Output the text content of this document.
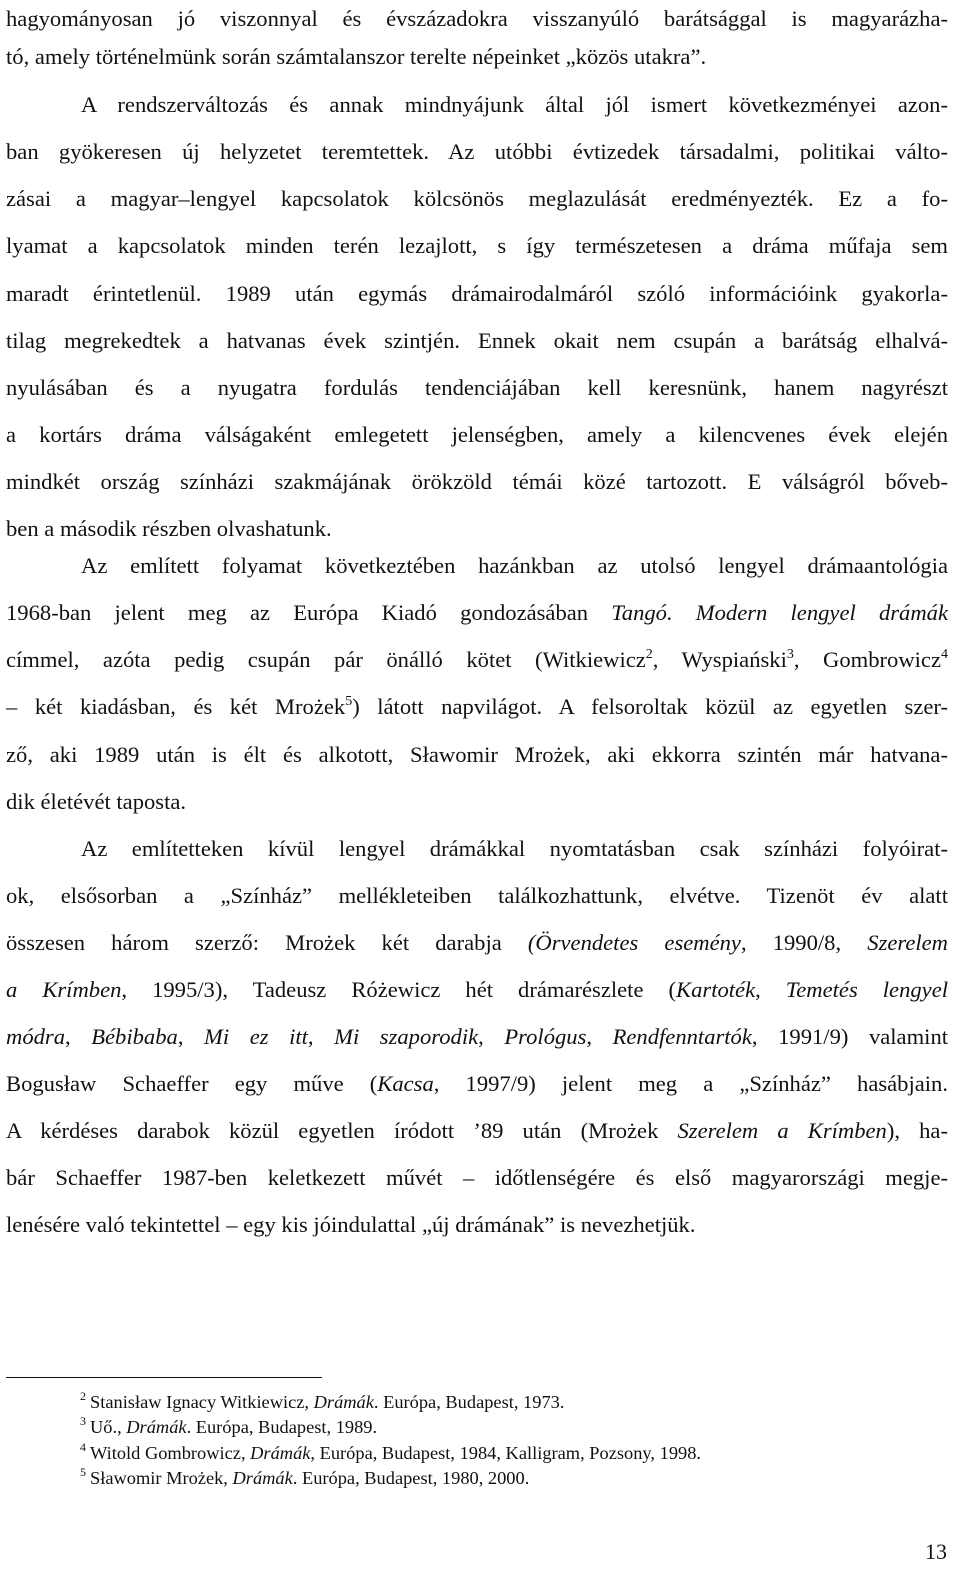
hagyományosan jó viszonnyal és évszázadokra visszanyúló barátsággal is magyarázha-
tó, amely történelmünk során számtalanszor terelte népeinket „közös utakra”.
A rendszerváltozás és annak mindnyájunk által jól ismert következményei azon-
ban gyökeresen új helyzetet teremtettek. Az utóbbi évtizedek társadalmi, politikai válto-
zásai a magyar–lengyel kapcsolatok kölcsönös meglazulását eredményezték. Ez a fo-
lyamat a kapcsolatok minden terén lezajlott, s így természetesen a dráma műfaja sem
maradt érintetlenül. 1989 után egymás drámairodalmáról szóló információink gyakorla-
tilag megrekedtek a hatvanas évek szintjén. Ennek okait nem csupán a barátság elhalvá-
nyulásában és a nyugatra fordulás tendenciájában kell keresnünk, hanem nagyrészt
a kortárs dráma válságaként emlegetett jelenségben, amely a kilencvenes évek elején
mindkét ország színházi szakmájának örökzöld témái közé tartozott. E válságról bőveb-
ben a második részben olvashatunk.
Az említett folyamat következtében hazánkban az utolsó lengyel drámaantológia
1968-ban jelent meg az Európa Kiadó gondozásában Tangó. Modern lengyel drámák
címmel, azóta pedig csupán pár önálló kötet (Witkiewicz$^2$, Wyspiański$^3$, Gombrowicz$^4$
– két kiadásban, és két Mrożek$^5$) látott napvilágot. A felsoroltak közül az egyetlen szer-
ző, aki 1989 után is élt és alkotott, Sławomir Mrożek, aki ekkorra szintén már hatvana-
dik életévét taposta.
Az említetteken kívül lengyel drámákkal nyomtatásban csak színházi folyóirat-
ok, elsősorban a „Színház” mellékleteiben találkozhattunk, elvétve. Tizenöt év alatt
összesen három szerző: Mrożek két darabja (Örvendetes esemény, 1990/8, Szerelem
a Krímben, 1995/3), Tadeusz Różewicz hét drámarészlete (Kartoték, Temetés lengyel
módra, Bébibaba, Mi ez itt, Mi szaporodik, Prológus, Rendfenntartók, 1991/9) valamint
Bogusław Schaeffer egy műve (Kacsa, 1997/9) jelent meg a „Színház” hasábjain.
A kérdéses darabok közül egyetlen íródott ’89 után (Mrożek Szerelem a Krímben), ha-
bár Schaeffer 1987-ben keletkezett művét – időtlenségére és első magyarországi megje-
lenésére való tekintettel – egy kis jóindulattal „új drámának” is nevezhetjük.
$^2$ Stanisław Ignacy Witkiewicz, Drámák. Európa, Budapest, 1973.
$^3$ Uő., Drámák. Európa, Budapest, 1989.
$^4$ Witold Gombrowicz, Drámák, Európa, Budapest, 1984, Kalligram, Pozsony, 1998.
$^5$ Sławomir Mrożek, Drámák. Európa, Budapest, 1980, 2000.
13
